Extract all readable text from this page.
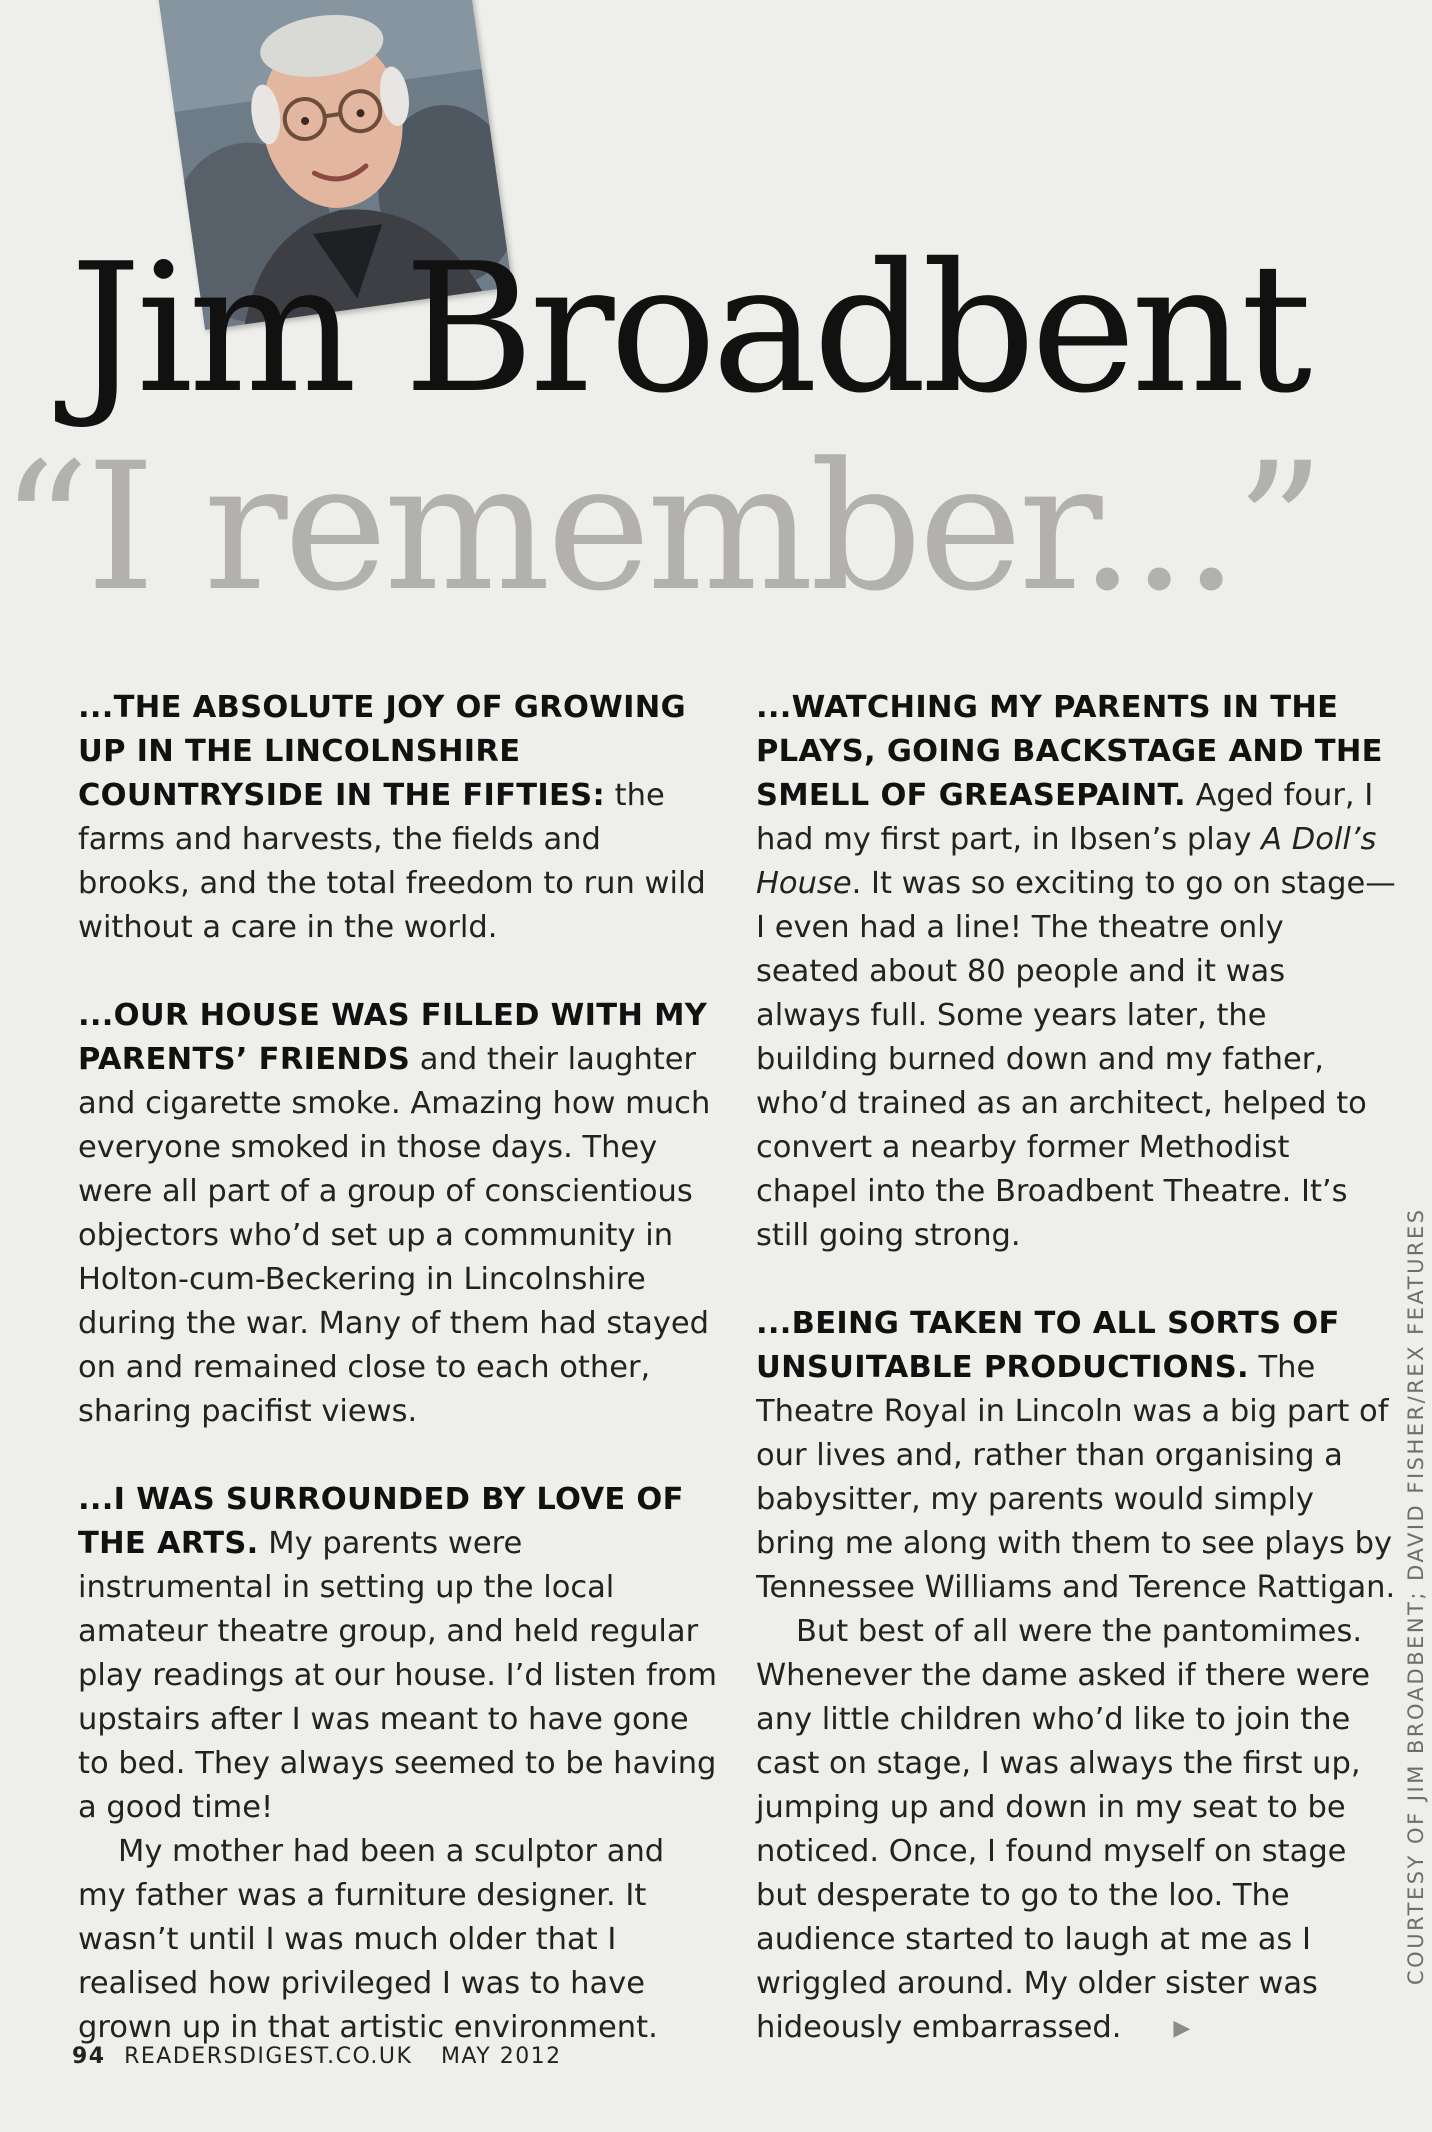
Jim Broadbent
“I remember...”

...THE ABSOLUTE JOY OF GROWING UP IN THE LINCOLNSHIRE COUNTRYSIDE IN THE FIFTIES: the farms and harvests, the fields and brooks, and the total freedom to run wild without a care in the world.

...OUR HOUSE WAS FILLED WITH MY PARENTS’ FRIENDS and their laughter and cigarette smoke. Amazing how much everyone smoked in those days. They were all part of a group of conscientious objectors who’d set up a community in Holton-cum-Beckering in Lincolnshire during the war. Many of them had stayed on and remained close to each other, sharing pacifist views.

...I WAS SURROUNDED BY LOVE OF THE ARTS. My parents were instrumental in setting up the local amateur theatre group, and held regular play readings at our house. I’d listen from upstairs after I was meant to have gone to bed. They always seemed to be having a good time!

My mother had been a sculptor and my father was a furniture designer. It wasn’t until I was much older that I realised how privileged I was to have grown up in that artistic environment.

...WATCHING MY PARENTS IN THE PLAYS, GOING BACKSTAGE AND THE SMELL OF GREASEPAINT. Aged four, I had my first part, in Ibsen’s play A Doll’s House. It was so exciting to go on stage—I even had a line! The theatre only seated about 80 people and it was always full. Some years later, the building burned down and my father, who’d trained as an architect, helped to convert a nearby former Methodist chapel into the Broadbent Theatre. It’s still going strong.

...BEING TAKEN TO ALL SORTS OF UNSUITABLE PRODUCTIONS. The Theatre Royal in Lincoln was a big part of our lives and, rather than organising a babysitter, my parents would simply bring me along with them to see plays by Tennessee Williams and Terence Rattigan.

But best of all were the pantomimes. Whenever the dame asked if there were any little children who’d like to join the cast on stage, I was always the first up, jumping up and down in my seat to be noticed. Once, I found myself on stage but desperate to go to the loo. The audience started to laugh at me as I wriggled around. My older sister was hideously embarrassed. ▶

94 READERSDIGEST.CO.UK MAY 2012
COURTESY OF JIM BROADBENT; DAVID FISHER/REX FEATURES
